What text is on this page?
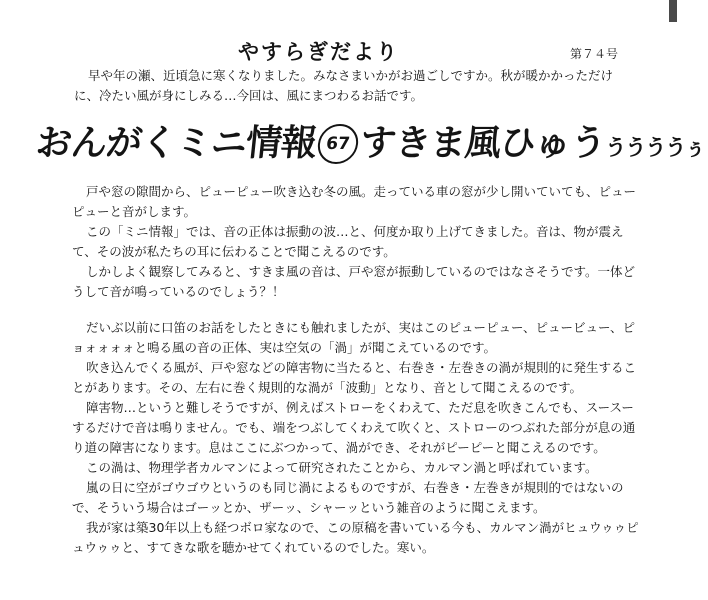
やすらぎだより	第７４号

早や年の瀬、近頃急に寒くなりました。みなさまいかがお過ごしですか。秋が暖かかっただけに、冷たい風が身にしみる…今回は、風にまつわるお話です。

おんがくミニ情報 67 すきま風ひゅうううううぅ

戸や窓の隙間から、ピューピュー吹き込む冬の風。走っている車の窓が少し開いていても、ピューピューと音がします。

この「ミニ情報」では、音の正体は振動の波…と、何度か取り上げてきました。音は、物が震えて、その波が私たちの耳に伝わることで聞こえるのです。

しかしよく観察してみると、すきま風の音は、戸や窓が振動しているのではなさそうです。一体どうして音が鳴っているのでしょう？！

だいぶ以前に口笛のお話をしたときにも触れましたが、実はこのピューピュー、ピュービュー、ピョォォォォと鳴る風の音の正体、実は空気の「渦」が聞こえているのです。

吹き込んでくる風が、戸や窓などの障害物に当たると、右巻き・左巻きの渦が規則的に発生することがあります。その、左右に巻く規則的な渦が「波動」となり、音として聞こえるのです。

障害物…というと難しそうですが、例えばストローをくわえて、ただ息を吹きこんでも、スースーするだけで音は鳴りません。でも、端をつぶしてくわえて吹くと、ストローのつぶれた部分が息の通り道の障害になります。息はここにぶつかって、渦ができ、それがピーピーと聞こえるのです。

この渦は、物理学者カルマンによって研究されたことから、カルマン渦と呼ばれています。

嵐の日に空がゴウゴウというのも同じ渦によるものですが、右巻き・左巻きが規則的ではないので、そういう場合はゴーッとか、ザーッ、シャーッという雑音のように聞こえます。

我が家は築30年以上も経つボロ家なので、この原稿を書いている今も、カルマン渦がヒュウゥゥピュウゥゥと、すてきな歌を聴かせてくれているのでした。寒い。
